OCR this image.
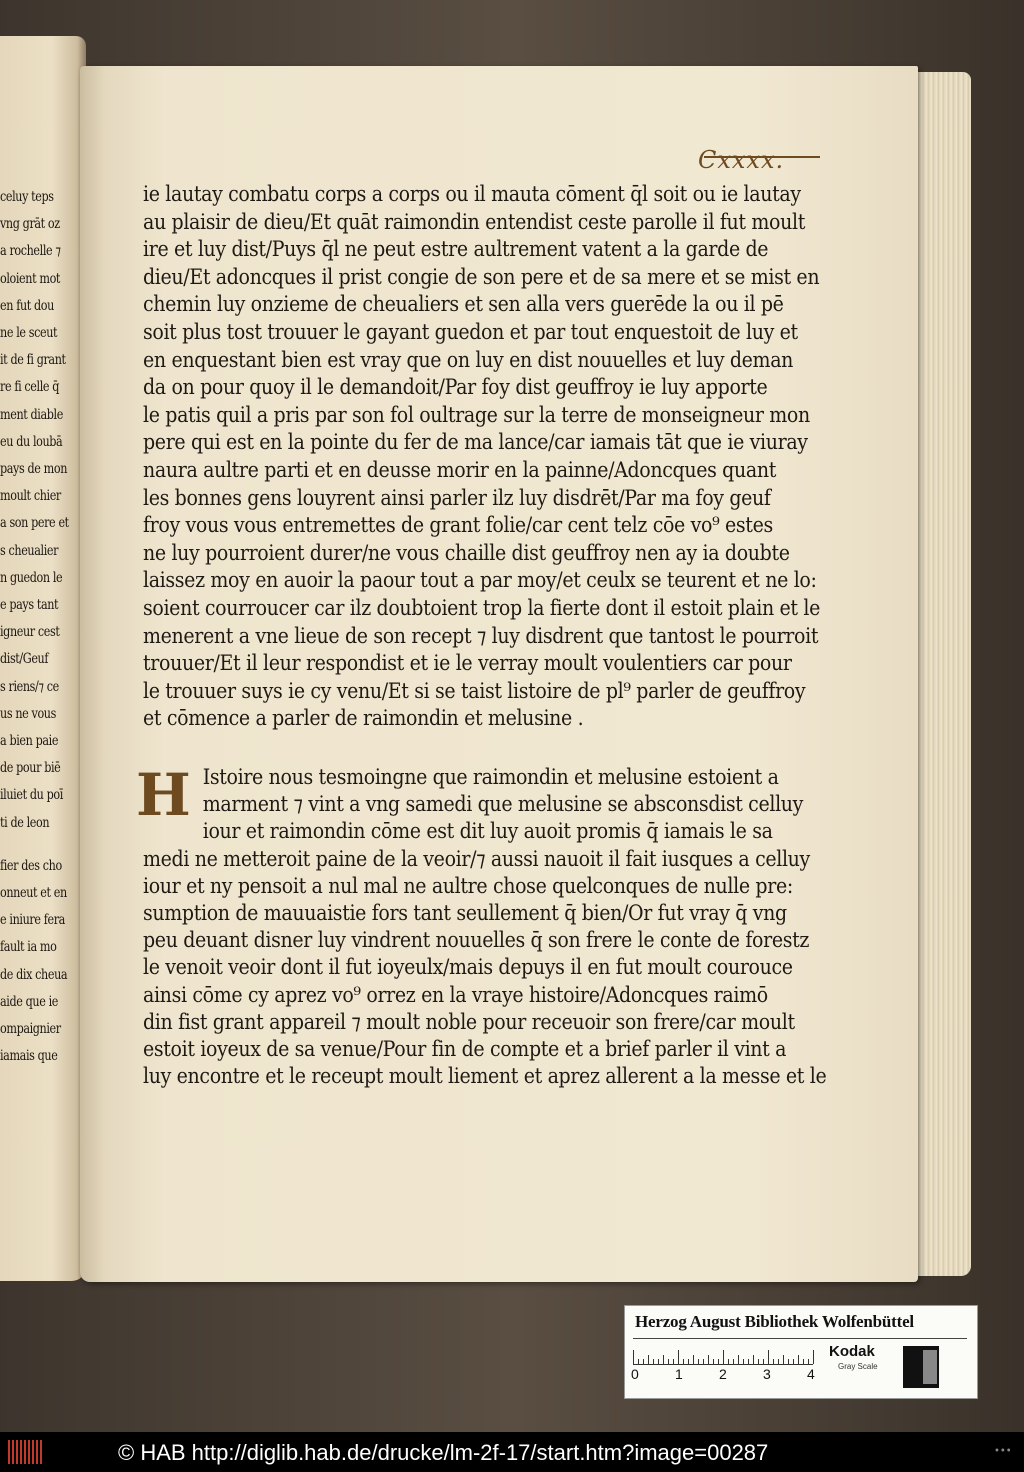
celuy teps
vng grāt oz
a rochelle ⁊
oloient mot
en fut dou
ne le sceut
it de fi grant
re fi celle q̄
ment diable
eu du loubā
pays de mon
moult chier
a son pere et
s cheualier
n guedon le
e pays tant
igneur cest
dist/Geuf
s riens/⁊ ce
us ne vous
a bien paie
de pour biē
iluiet du poī
ti de leon
fier des cho
onneut et en
e iniure fera
fault ia mo
de dix cheua
aide que ie
ompaignier
iamais que
Cxxxx.
ie lautay combatu corps a corps ou il mauta cōment q̄l soit ou ie lautay
au plaisir de dieu/Et quāt raimondin entendist ceste parolle il fut moult
ire et luy dist/Puys q̄l ne peut estre aultrement vatent a la garde de
dieu/Et adoncques il prist congie de son pere et de sa mere et se mist en
chemin luy onzieme de cheualiers et sen alla vers guerēde la ou il pē
soit plus tost trouuer le gayant guedon et par tout enquestoit de luy et
en enquestant bien est vray que on luy en dist nouuelles et luy deman
da on pour quoy il le demandoit/Par foy dist geuffroy ie luy apporte
le patis quil a pris par son fol oultrage sur la terre de monseigneur mon
pere qui est en la pointe du fer de ma lance/car iamais tāt que ie viuray
naura aultre parti et en deusse morir en la painne/Adoncques quant
les bonnes gens louyrent ainsi parler ilz luy disdrēt/Par ma foy geuf
froy vous vous entremettes de grant folie/car cent telz cōe vo⁹ estes
ne luy pourroient durer/ne vous chaille dist geuffroy nen ay ia doubte
laissez moy en auoir la paour tout a par moy/et ceulx se teurent et ne lo:
soient courroucer car ilz doubtoient trop la fierte dont il estoit plain et le
menerent a vne lieue de son recept ⁊ luy disdrent que tantost le pourroit
trouuer/Et il leur respondist et ie le verray moult voulentiers car pour
le trouuer suys ie cy venu/Et si se taist listoire de pl⁹ parler de geuffroy
et cōmence a parler de raimondin et melusine .
H Istoire nous tesmoingne que raimondin et melusine estoient a
marment ⁊ vint a vng samedi que melusine se absconsdist celluy
iour et raimondin cōme est dit luy auoit promis q̄ iamais le sa
medi ne metteroit paine de la veoir/⁊ aussi nauoit il fait iusques a celluy
iour et ny pensoit a nul mal ne aultre chose quelconques de nulle pre:
sumption de mauuaistie fors tant seullement q̄ bien/Or fut vray q̄ vng
peu deuant disner luy vindrent nouuelles q̄ son frere le conte de forestz
le venoit veoir dont il fut ioyeulx/mais depuys il en fut moult courouce
ainsi cōme cy aprez vo⁹ orrez en la vraye histoire/Adoncques raimō
din fist grant appareil ⁊ moult noble pour receuoir son frere/car moult
estoit ioyeux de sa venue/Pour fin de compte et a brief parler il vint a
luy encontre et le receupt moult liement et aprez allerent a la messe et le
Herzog August Bibliothek Wolfenbüttel
0	1	2	3	4
Kodak
Gray Scale
© HAB http://diglib.hab.de/drucke/lm-2f-17/start.htm?image=00287	•••
